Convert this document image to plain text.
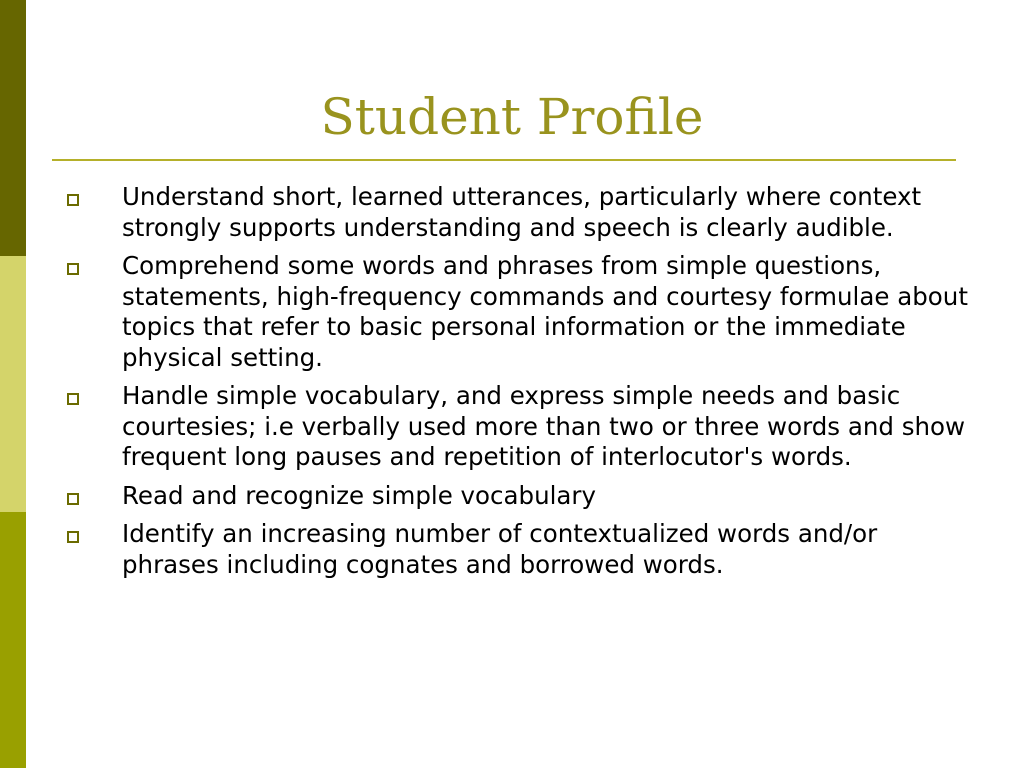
Student Profile
Understand short, learned utterances, particularly where context strongly supports understanding and speech is clearly audible.
Comprehend some words and phrases from simple questions, statements, high-frequency commands and courtesy formulae about topics that refer to basic personal information or the immediate physical setting.
Handle simple vocabulary, and express simple needs and basic courtesies; i.e verbally used more than two or three words and show frequent long pauses and repetition of interlocutor's words.
Read and recognize simple vocabulary
Identify an increasing number of contextualized words and/or phrases including cognates and borrowed words.
